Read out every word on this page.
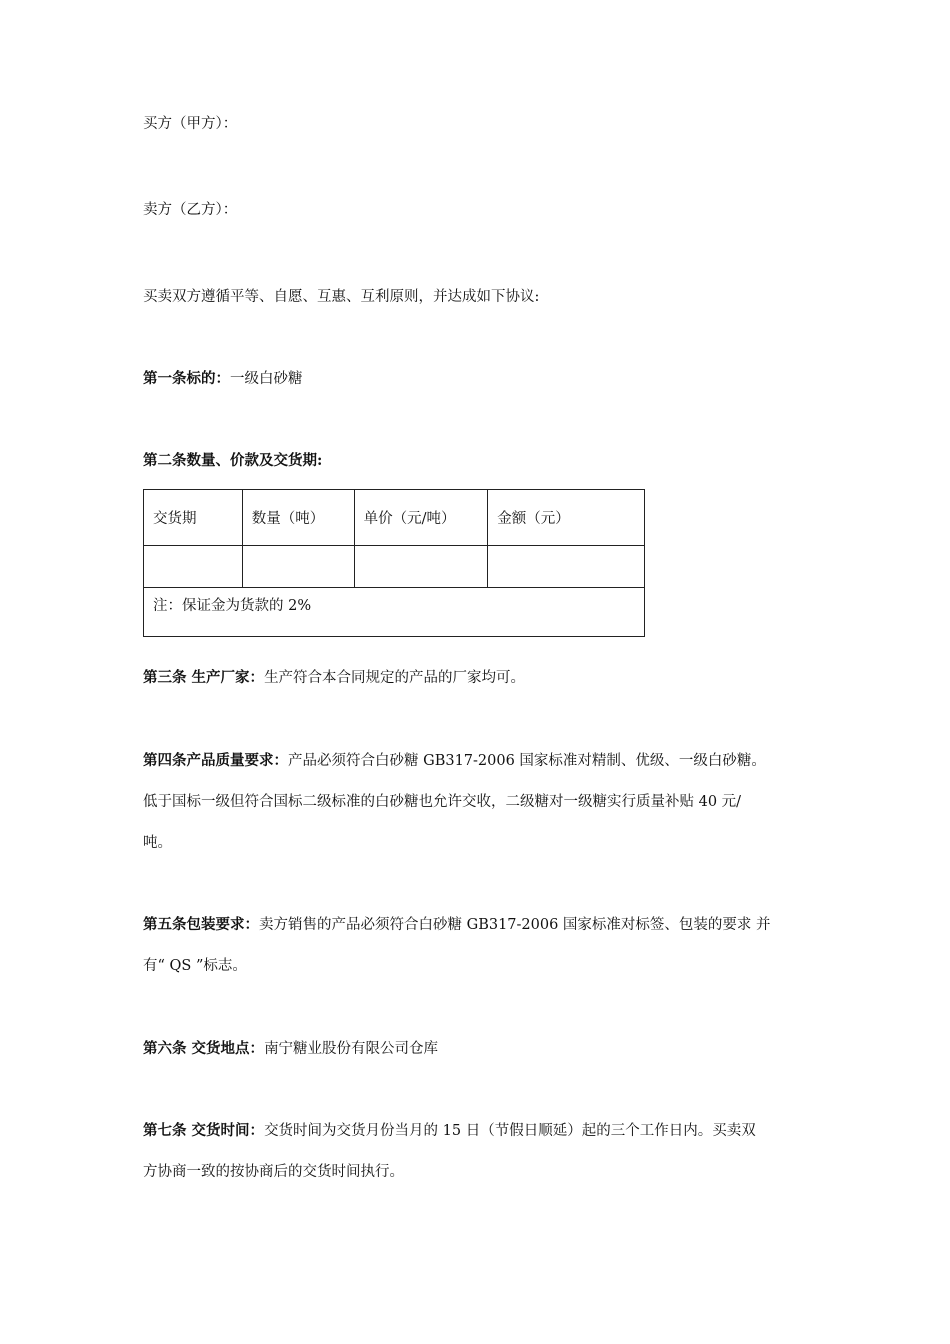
买方（甲方）：
卖方（乙方）：
买卖双方遵循平等、自愿、互惠、互利原则，并达成如下协议:
第一条标的：一级白砂糖
第二条数量、价款及交货期:
交货期	数量（吨）	单价（元/吨）	金额（元）

注：保证金为货款的 2%			
第三条 生产厂家：生产符合本合同规定的产品的厂家均可。
第四条产品质量要求：产品必须符合白砂糖 GB317-2006 国家标准对精制、优级、一级白砂糖。
低于国标一级但符合国标二级标准的白砂糖也允许交收，二级糖对一级糖实行质量补贴 40 元/
吨。
第五条包装要求：卖方销售的产品必须符合白砂糖 GB317-2006 国家标准对标签、包装的要求 并
有“ QS ”标志。
第六条 交货地点：南宁糖业股份有限公司仓库
第七条 交货时间：交货时间为交货月份当月的 15 日（节假日顺延）起的三个工作日内。买卖双
方协商一致的按协商后的交货时间执行。
